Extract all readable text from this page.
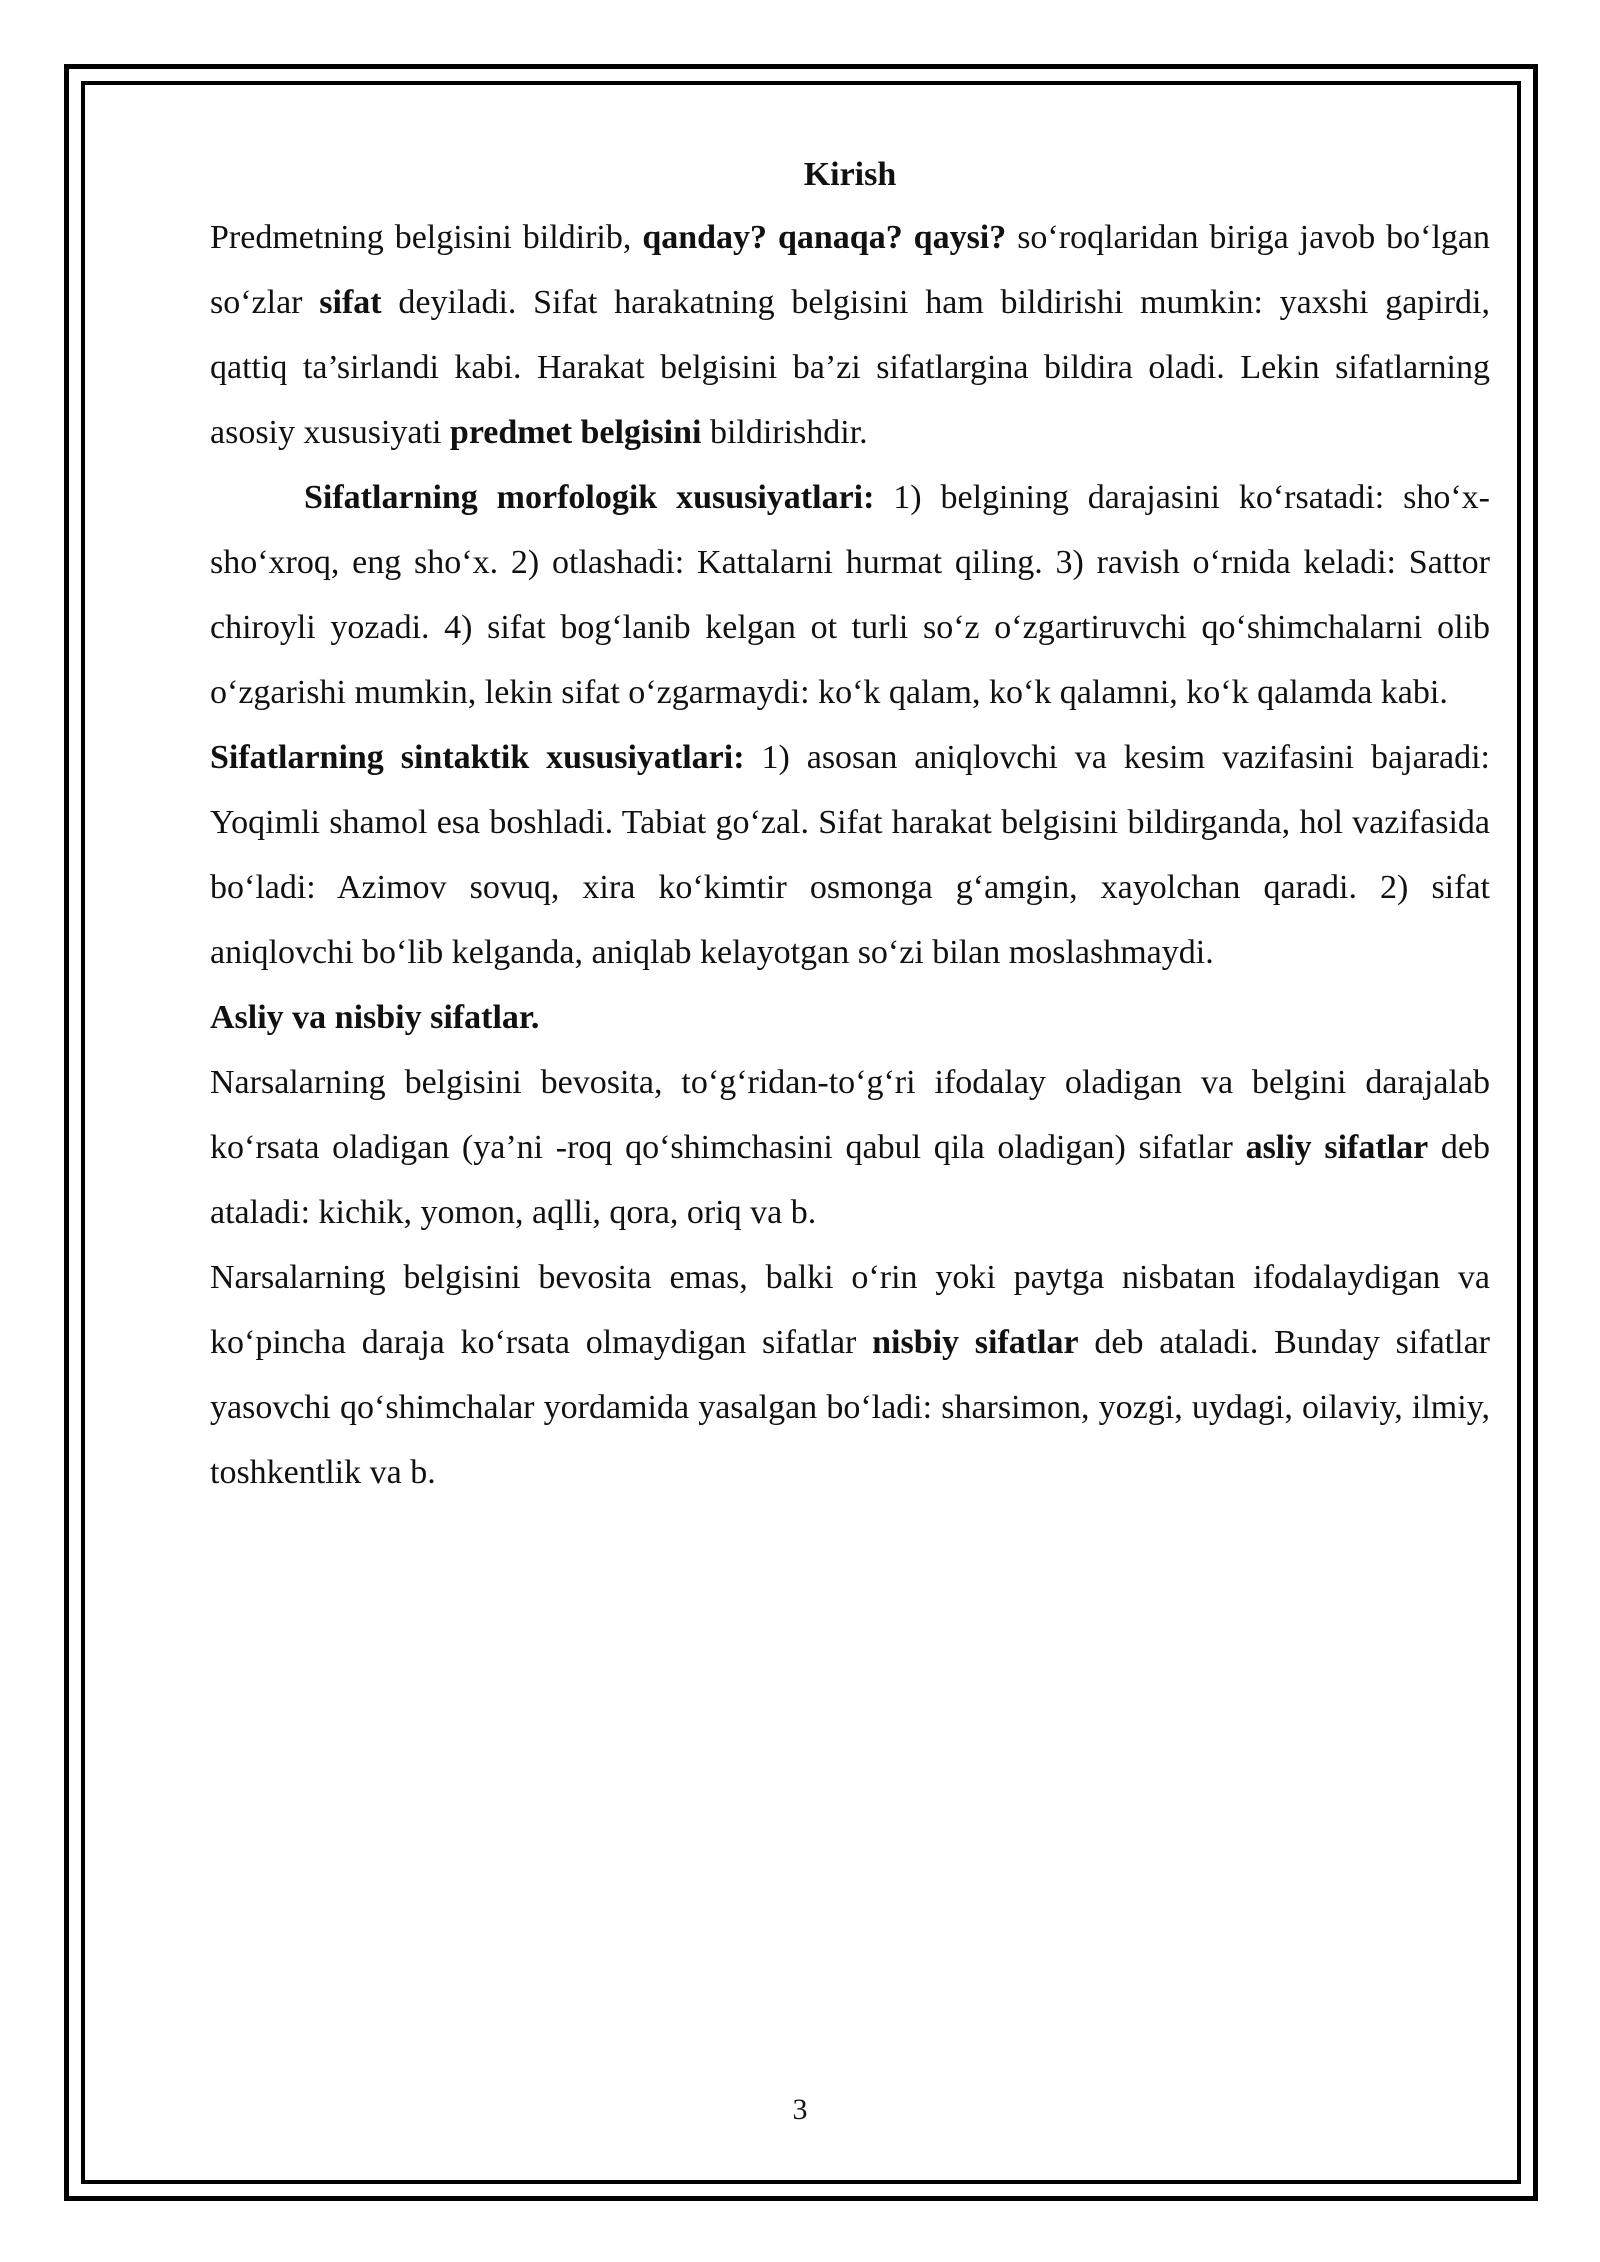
Kirish

Predmetning belgisini bildirib, qanday? qanaqa? qaysi? so‘roqlaridan biriga javob bo‘lgan so‘zlar sifat deyiladi. Sifat harakatning belgisini ham bildirishi mumkin: yaxshi gapirdi, qattiq ta’sirlandi kabi. Harakat belgisini ba’zi sifatlargina bildira oladi. Lekin sifatlarning asosiy xususiyati predmet belgisini bildirishdir.

Sifatlarning morfologik xususiyatlari: 1) belgining darajasini ko‘rsatadi: sho‘x-sho‘xroq, eng sho‘x. 2) otlashadi: Kattalarni hurmat qiling. 3) ravish o‘rnida keladi: Sattor chiroyli yozadi. 4) sifat bog‘lanib kelgan ot turli so‘z o‘zgartiruvchi qo‘shimchalarni olib o‘zgarishi mumkin, lekin sifat o‘zgarmaydi: ko‘k qalam, ko‘k qalamni, ko‘k qalamda kabi.

Sifatlarning sintaktik xususiyatlari: 1) asosan aniqlovchi va kesim vazifasini bajaradi: Yoqimli shamol esa boshladi. Tabiat go‘zal. Sifat harakat belgisini bildirganda, hol vazifasida bo‘ladi: Azimov sovuq, xira ko‘kimtir osmonga g‘amgin, xayolchan qaradi. 2) sifat aniqlovchi bo‘lib kelganda, aniqlab kelayotgan so‘zi bilan moslashmaydi.

Asliy va nisbiy sifatlar.

Narsalarning belgisini bevosita, to‘g‘ridan-to‘g‘ri ifodalay oladigan va belgini darajalab ko‘rsata oladigan (ya’ni -roq qo‘shimchasini qabul qila oladigan) sifatlar asliy sifatlar deb ataladi: kichik, yomon, aqlli, qora, oriq va b.

Narsalarning belgisini bevosita emas, balki o‘rin yoki paytga nisbatan ifodalaydigan va ko‘pincha daraja ko‘rsata olmaydigan sifatlar nisbiy sifatlar deb ataladi. Bunday sifatlar yasovchi qo‘shimchalar yordamida yasalgan bo‘ladi: sharsimon, yozgi, uydagi, oilaviy, ilmiy, toshkentlik va b.

3
